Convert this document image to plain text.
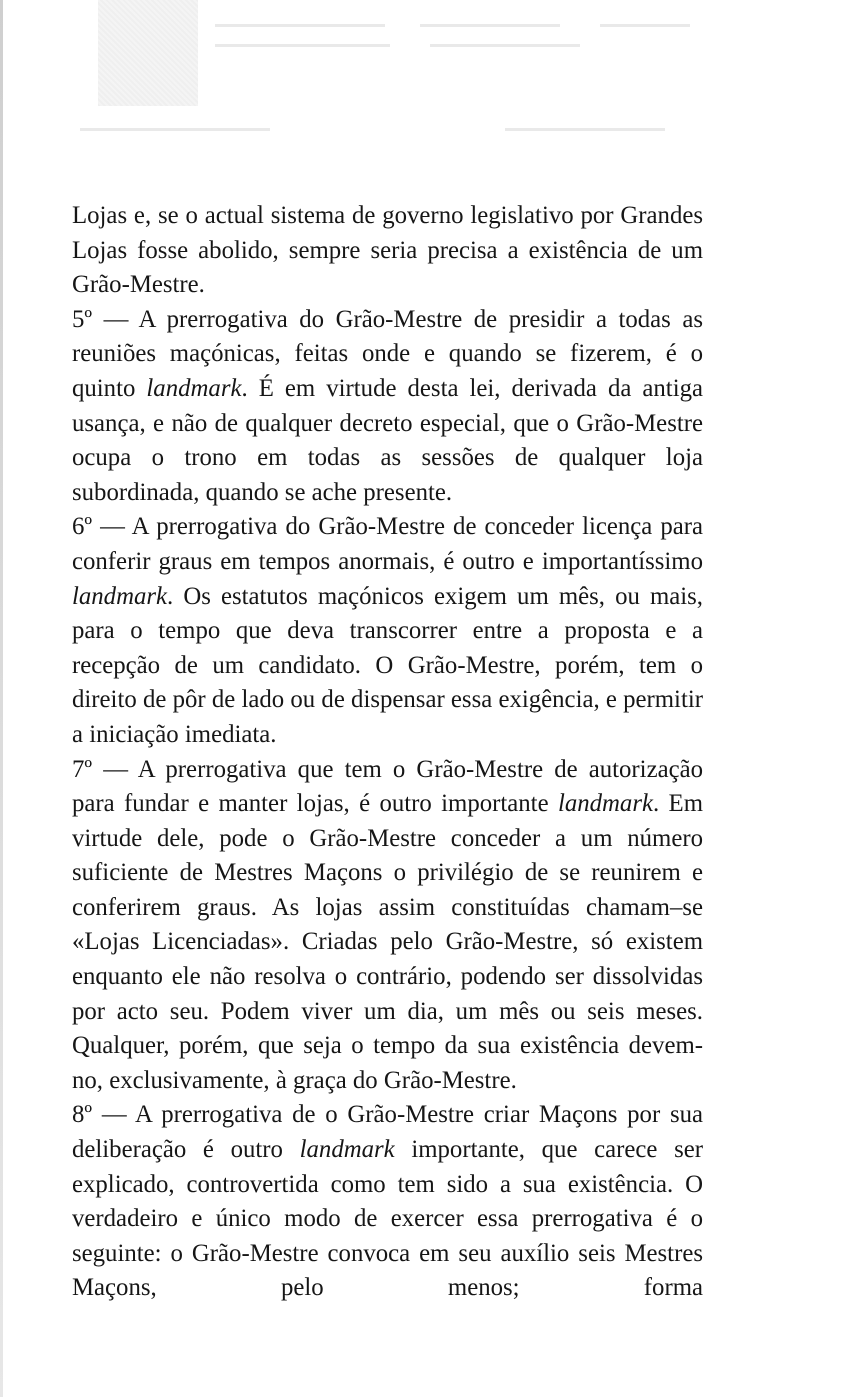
Lojas e, se o actual sistema de governo legislativo por Grandes Lojas fosse abolido, sempre seria precisa a existência de um Grão-Mestre.

5º — A prerrogativa do Grão-Mestre de presidir a todas as reuniões maçónicas, feitas onde e quando se fizerem, é o quinto landmark. É em virtude desta lei, derivada da antiga usança, e não de qualquer decreto especial, que o Grão-Mestre ocupa o trono em todas as sessões de qualquer loja subordinada, quando se ache presente.

6º — A prerrogativa do Grão-Mestre de conceder licença para conferir graus em tempos anormais, é outro e importantíssimo landmark. Os estatutos maçónicos exigem um mês, ou mais, para o tempo que deva transcorrer entre a proposta e a recepção de um candidato. O Grão-Mestre, porém, tem o direito de pôr de lado ou de dispensar essa exigência, e permitir a iniciação imediata.

7º — A prerrogativa que tem o Grão-Mestre de autorização para fundar e manter lojas, é outro importante landmark. Em virtude dele, pode o Grão-Mestre conceder a um número suficiente de Mestres Maçons o privilégio de se reunirem e conferirem graus. As lojas assim constituídas chamam–se «Lojas Licenciadas». Criadas pelo Grão-Mestre, só existem enquanto ele não resolva o contrário, podendo ser dissolvidas por acto seu. Podem viver um dia, um mês ou seis meses. Qualquer, porém, que seja o tempo da sua existência devem-no, exclusivamente, à graça do Grão-Mestre.

8º — A prerrogativa de o Grão-Mestre criar Maçons por sua deliberação é outro landmark importante, que carece ser explicado, controvertida como tem sido a sua existência. O verdadeiro e único modo de exercer essa prerrogativa é o seguinte: o Grão-Mestre convoca em seu auxílio seis Mestres Maçons, pelo menos; forma
